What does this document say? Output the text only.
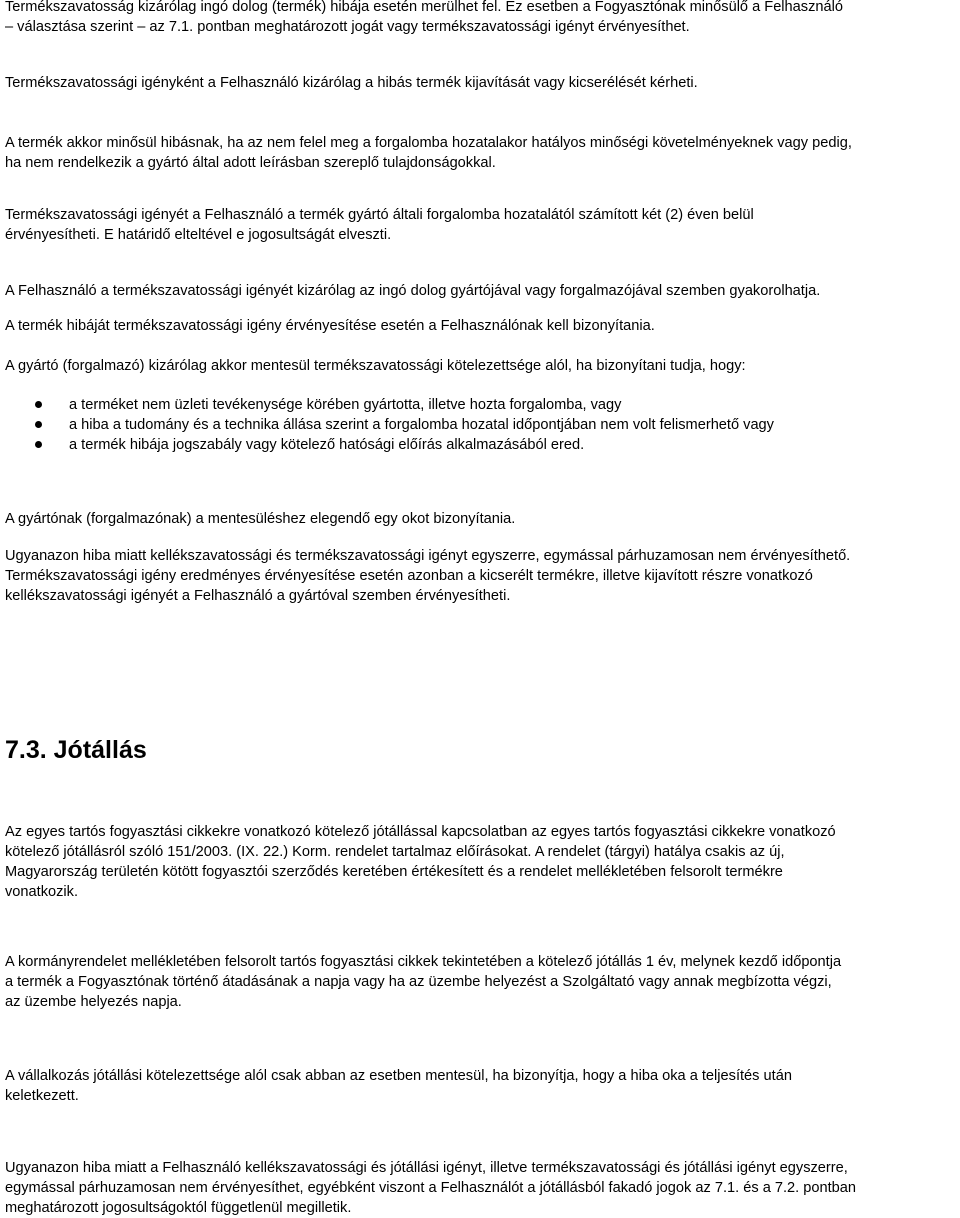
Termékszavatosság kizárólag ingó dolog (termék) hibája esetén merülhet fel. Ez esetben a Fogyasztónak minősülő a Felhasználó
– választása szerint – az 7.1. pontban meghatározott jogát vagy termékszavatossági igényt érvényesíthet.
Termékszavatossági igényként a Felhasználó kizárólag a hibás termék kijavítását vagy kicserélését kérheti.
A termék akkor minősül hibásnak, ha az nem felel meg a forgalomba hozatalakor hatályos minőségi követelményeknek vagy pedig,
ha nem rendelkezik a gyártó által adott leírásban szereplő tulajdonságokkal.
Termékszavatossági igényét a Felhasználó a termék gyártó általi forgalomba hozatalától számított két (2) éven belül
érvényesítheti. E határidő elteltével e jogosultságát elveszti.
A Felhasználó a termékszavatossági igényét kizárólag az ingó dolog gyártójával vagy forgalmazójával szemben gyakorolhatja.
A termék hibáját termékszavatossági igény érvényesítése esetén a Felhasználónak kell bizonyítania.
A gyártó (forgalmazó) kizárólag akkor mentesül termékszavatossági kötelezettsége alól, ha bizonyítani tudja, hogy:
a terméket nem üzleti tevékenysége körében gyártotta, illetve hozta forgalomba, vagy
a hiba a tudomány és a technika állása szerint a forgalomba hozatal időpontjában nem volt felismerhető vagy
a termék hibája jogszabály vagy kötelező hatósági előírás alkalmazásából ered.
A gyártónak (forgalmazónak) a mentesüléshez elegendő egy okot bizonyítania.
Ugyanazon hiba miatt kellékszavatossági és termékszavatossági igényt egyszerre, egymással párhuzamosan nem érvényesíthető.
Termékszavatossági igény eredményes érvényesítése esetén azonban a kicserélt termékre, illetve kijavított részre vonatkozó
kellékszavatossági igényét a Felhasználó a gyártóval szemben érvényesítheti.
7.3. Jótállás
Az egyes tartós fogyasztási cikkekre vonatkozó kötelező jótállással kapcsolatban az egyes tartós fogyasztási cikkekre vonatkozó
kötelező jótállásról szóló 151/2003. (IX. 22.) Korm. rendelet tartalmaz előírásokat. A rendelet (tárgyi) hatálya csakis az új,
Magyarország területén kötött fogyasztói szerződés keretében értékesített és a rendelet mellékletében felsorolt termékre
vonatkozik.
A kormányrendelet mellékletében felsorolt tartós fogyasztási cikkek tekintetében a kötelező jótállás 1 év, melynek kezdő időpontja
a termék a Fogyasztónak történő átadásának a napja vagy ha az üzembe helyezést a Szolgáltató vagy annak megbízotta végzi,
az üzembe helyezés napja.
A vállalkozás jótállási kötelezettsége alól csak abban az esetben mentesül, ha bizonyítja, hogy a hiba oka a teljesítés után
keletkezett.
Ugyanazon hiba miatt a Felhasználó kellékszavatossági és jótállási igényt, illetve termékszavatossági és jótállási igényt egyszerre,
egymással párhuzamosan nem érvényesíthet, egyébként viszont a Felhasználót a jótállásból fakadó jogok az 7.1. és a 7.2. pontban
meghatározott jogosultságoktól függetlenül megilletik.
